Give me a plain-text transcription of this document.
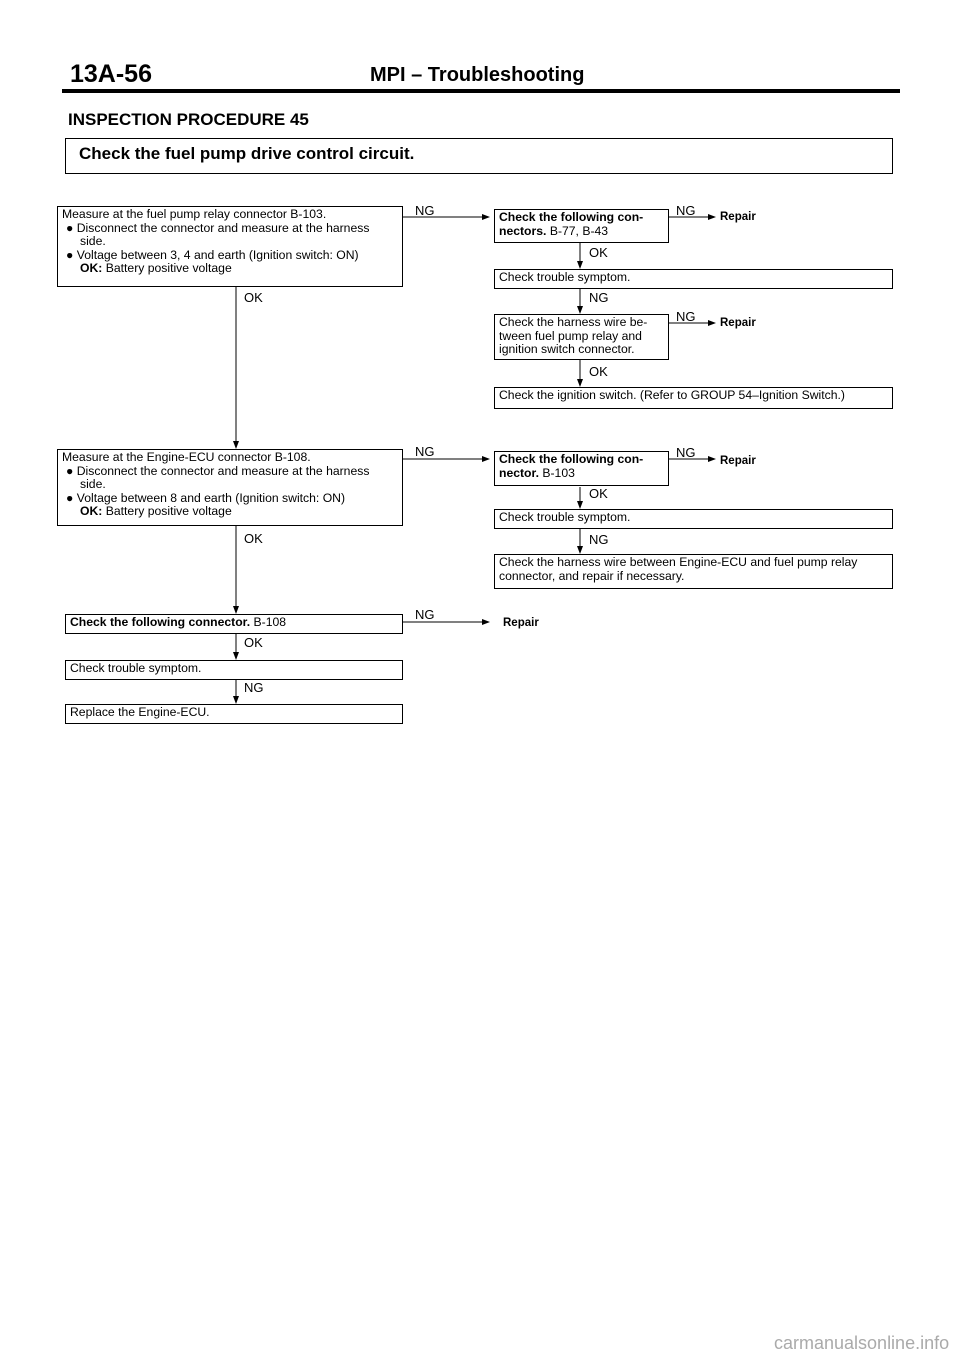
13A-56	MPI – Troubleshooting
INSPECTION PROCEDURE 45
Check the fuel pump drive control circuit.
Measure at the fuel pump relay connector B-103.
● Disconnect the connector and measure at the harness side.
● Voltage between 3, 4 and earth (Ignition switch: ON)
OK: Battery positive voltage
NG
OK
Check the following con- nectors. B-77, B-43
NG Repair
OK
Check trouble symptom.
NG
Check the harness wire be- tween fuel pump relay and ignition switch connector.
NG Repair
OK
Check the ignition switch. (Refer to GROUP 54–Ignition Switch.)
Measure at the Engine-ECU connector B-108.
● Disconnect the connector and measure at the harness side.
● Voltage between 8 and earth (Ignition switch: ON)
OK: Battery positive voltage
NG
OK
Check the following con- nector. B-103
NG
Repair
OK
Check trouble symptom.
NG
Check the harness wire between Engine-ECU and fuel pump relay connector, and repair if necessary.
Check the following connector. B-108	NG
Repair
OK
Check trouble symptom.
NG
Replace the Engine-ECU.
carmanualsonline.info
